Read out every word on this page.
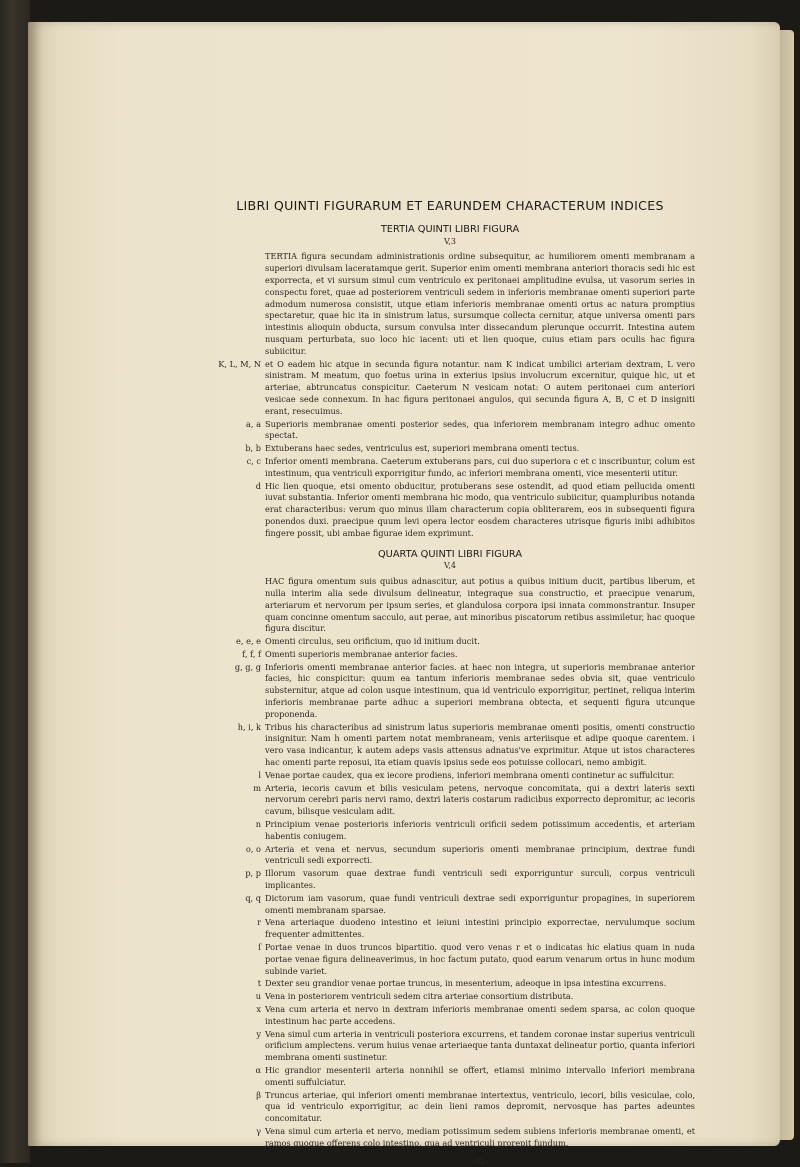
LIBRI QUINTI FIGURARUM ET EARUNDEM CHARACTERUM INDICES
TERTIA QUINTI LIBRI FIGURA
V,3
TERTIA figura secundam administrationis ordine subsequitur, ac humiliorem omenti membranam a superiori divulsam laceratamque gerit. Superior enim omenti membrana anteriori thoracis sedi hic est exporrecta, et vi sursum simul cum ventriculo ex peritonaei amplitudine evulsa, ut vasorum series in conspectu foret, quae ad posteriorem ventriculi sedem in inferioris membranae omenti superiori parte admodum numerosa consistit, utque etiam inferioris membranae omenti ortus ac natura promptius spectaretur, quae hic ita in sinistrum latus, sursumque collecta cernitur, atque universa omenti pars intestinis alioquin obducta, sursum convulsa inter dissecandum plerunque occurrit. Intestina autem nusquam perturbata, suo loco hic iacent: uti et lien quoque, cuius etiam pars oculis hac figura subiicitur.
K, L, M, N et O eadem hic atque in secunda figura notantur. nam K indicat umbilici arteriam dextram, L vero sinistram. M meatum, quo foetus urina in exterius ipsius involucrum excernitur, quique hic, ut et arteriae, abtruncatus conspicitur. Caeterum N vesicam notat: O autem peritonaei cum anteriori vesicae sede connexum. In hac figura peritonaei angulos, qui secunda figura A, B, C et D insigniti erant, resecuimus.
a, a Superioris membranae omenti posterior sedes, qua inferiorem membranam integro adhuc omento spectat.
b, b Extuberans haec sedes, ventriculus est, superiori membrana omenti tectus.
c, c Inferior omenti membrana. Caeterum extuberans pars, cui duo superiora c et c inscribuntur, colum est intestinum, qua ventriculi exporrigitur fundo, ac inferiori membrana omenti, vice mesenterii utitur.
d Hic lien quoque, etsi omento obducitur, protuberans sese ostendit, ad quod etiam pellucida omenti iuvat substantia. Inferior omenti membrana hic modo, qua ventriculo subiicitur, quampluribus notanda erat characteribus: verum quo minus illam characterum copia obliterarem, eos in subsequenti figura ponendos duxi. praecipue quum levi opera lector eosdem characteres utrisque figuris inibi adhibitos fingere possit, ubi ambae figurae idem exprimunt.
QUARTA QUINTI LIBRI FIGURA
V,4
HAC figura omentum suis quibus adnascitur, aut potius a quibus initium ducit, partibus liberum, et nulla interim alia sede divulsum delineatur, integraque sua constructio, et praecipue venarum, arteriarum et nervorum per ipsum series, et glandulosa corpora ipsi innata commonstrantur. Insuper quam concinne omentum sacculo, aut perae, aut minoribus piscatorum retibus assimiletur, hac quoque figura discitur.
e, e, e Omenti circulus, seu orificium, quo id initium ducit.
f, f, f Omenti superioris membranae anterior facies.
g, g, g Inferioris omenti membranae anterior facies. at haec non integra, ut superioris membranae anterior facies, hic conspicitur: quum ea tantum inferioris membranae sedes obvia sit, quae ventriculo substernitur, atque ad colon usque intestinum, qua id ventriculo exporrigitur, pertinet, reliqua interim inferioris membranae parte adhuc a superiori membrana obtecta, et sequenti figura utcunque proponenda.
h, i, k Tribus his characteribus ad sinistrum latus superioris membranae omenti positis, omenti constructio insignitur. Nam h omenti partem notat membraneam, venis arteriisque et adipe quoque carentem. i vero vasa indicantur, k autem adeps vasis attensus adnatus've exprimitur. Atque ut istos characteres hac omenti parte reposui, ita etiam quavis ipsius sede eos potuisse collocari, nemo ambigit.
l Venae portae caudex, qua ex iecore prodiens, inferiori membrana omenti continetur ac suffulcitur.
m Arteria, iecoris cavum et bilis vesiculam petens, nervoque concomitata, qui a dextri lateris sexti nervorum cerebri paris nervi ramo, dextri lateris costarum radicibus exporrecto depromitur, ac iecoris cavum, bilisque vesiculam adit.
n Principium venae posterioris inferioris ventriculi orificii sedem potissimum accedentis, et arteriam habentis coniugem.
o, o Arteria et vena et nervus, secundum superioris omenti membranae principium, dextrae fundi ventriculi sedi exporrecti.
p, p Illorum vasorum quae dextrae fundi ventriculi sedi exporriguntur surculi, corpus ventriculi implicantes.
q, q Dictorum iam vasorum, quae fundi ventriculi dextrae sedi exporriguntur propagines, in superiorem omenti membranam sparsae.
r Vena arteriaque duodeno intestino et ieiuni intestini principio exporrectae, nervulumque socium frequenter admittentes.
ſ Portae venae in duos truncos bipartitio. quod vero venas r et o indicatas hic elatius quam in nuda portae venae figura delineaverimus, in hoc factum putato, quod earum venarum ortus in hunc modum subinde variet.
t Dexter seu grandior venae portae truncus, in mesenterium, adeoque in ipsa intestina excurrens.
u Vena in posteriorem ventriculi sedem citra arteriae consortium distributa.
x Vena cum arteria et nervo in dextram inferioris membranae omenti sedem sparsa, ac colon quoque intestinum hac parte accedens.
y Vena simul cum arteria in ventriculi posteriora excurrens, et tandem coronae instar superius ventriculi orificium amplectens. verum huius venae arteriaeque tanta duntaxat delineatur portio, quanta inferiori membrana omenti sustinetur.
α Hic grandior mesenterii arteria nonnihil se offert, etiamsi minimo intervallo inferiori membrana omenti suffulciatur.
β Truncus arteriae, qui inferiori omenti membranae intertextus, ventriculo, iecori, bilis vesiculae, colo, qua id ventriculo exporrigitur, ac dein lieni ramos depromit, nervosque has partes adeuntes concomitatur.
γ Vena simul cum arteria et nervo, mediam potissimum sedem subiens inferioris membranae omenti, et ramos quoque offerens colo intestino, qua ad ventriculi prorepit fundum.
‹82›
